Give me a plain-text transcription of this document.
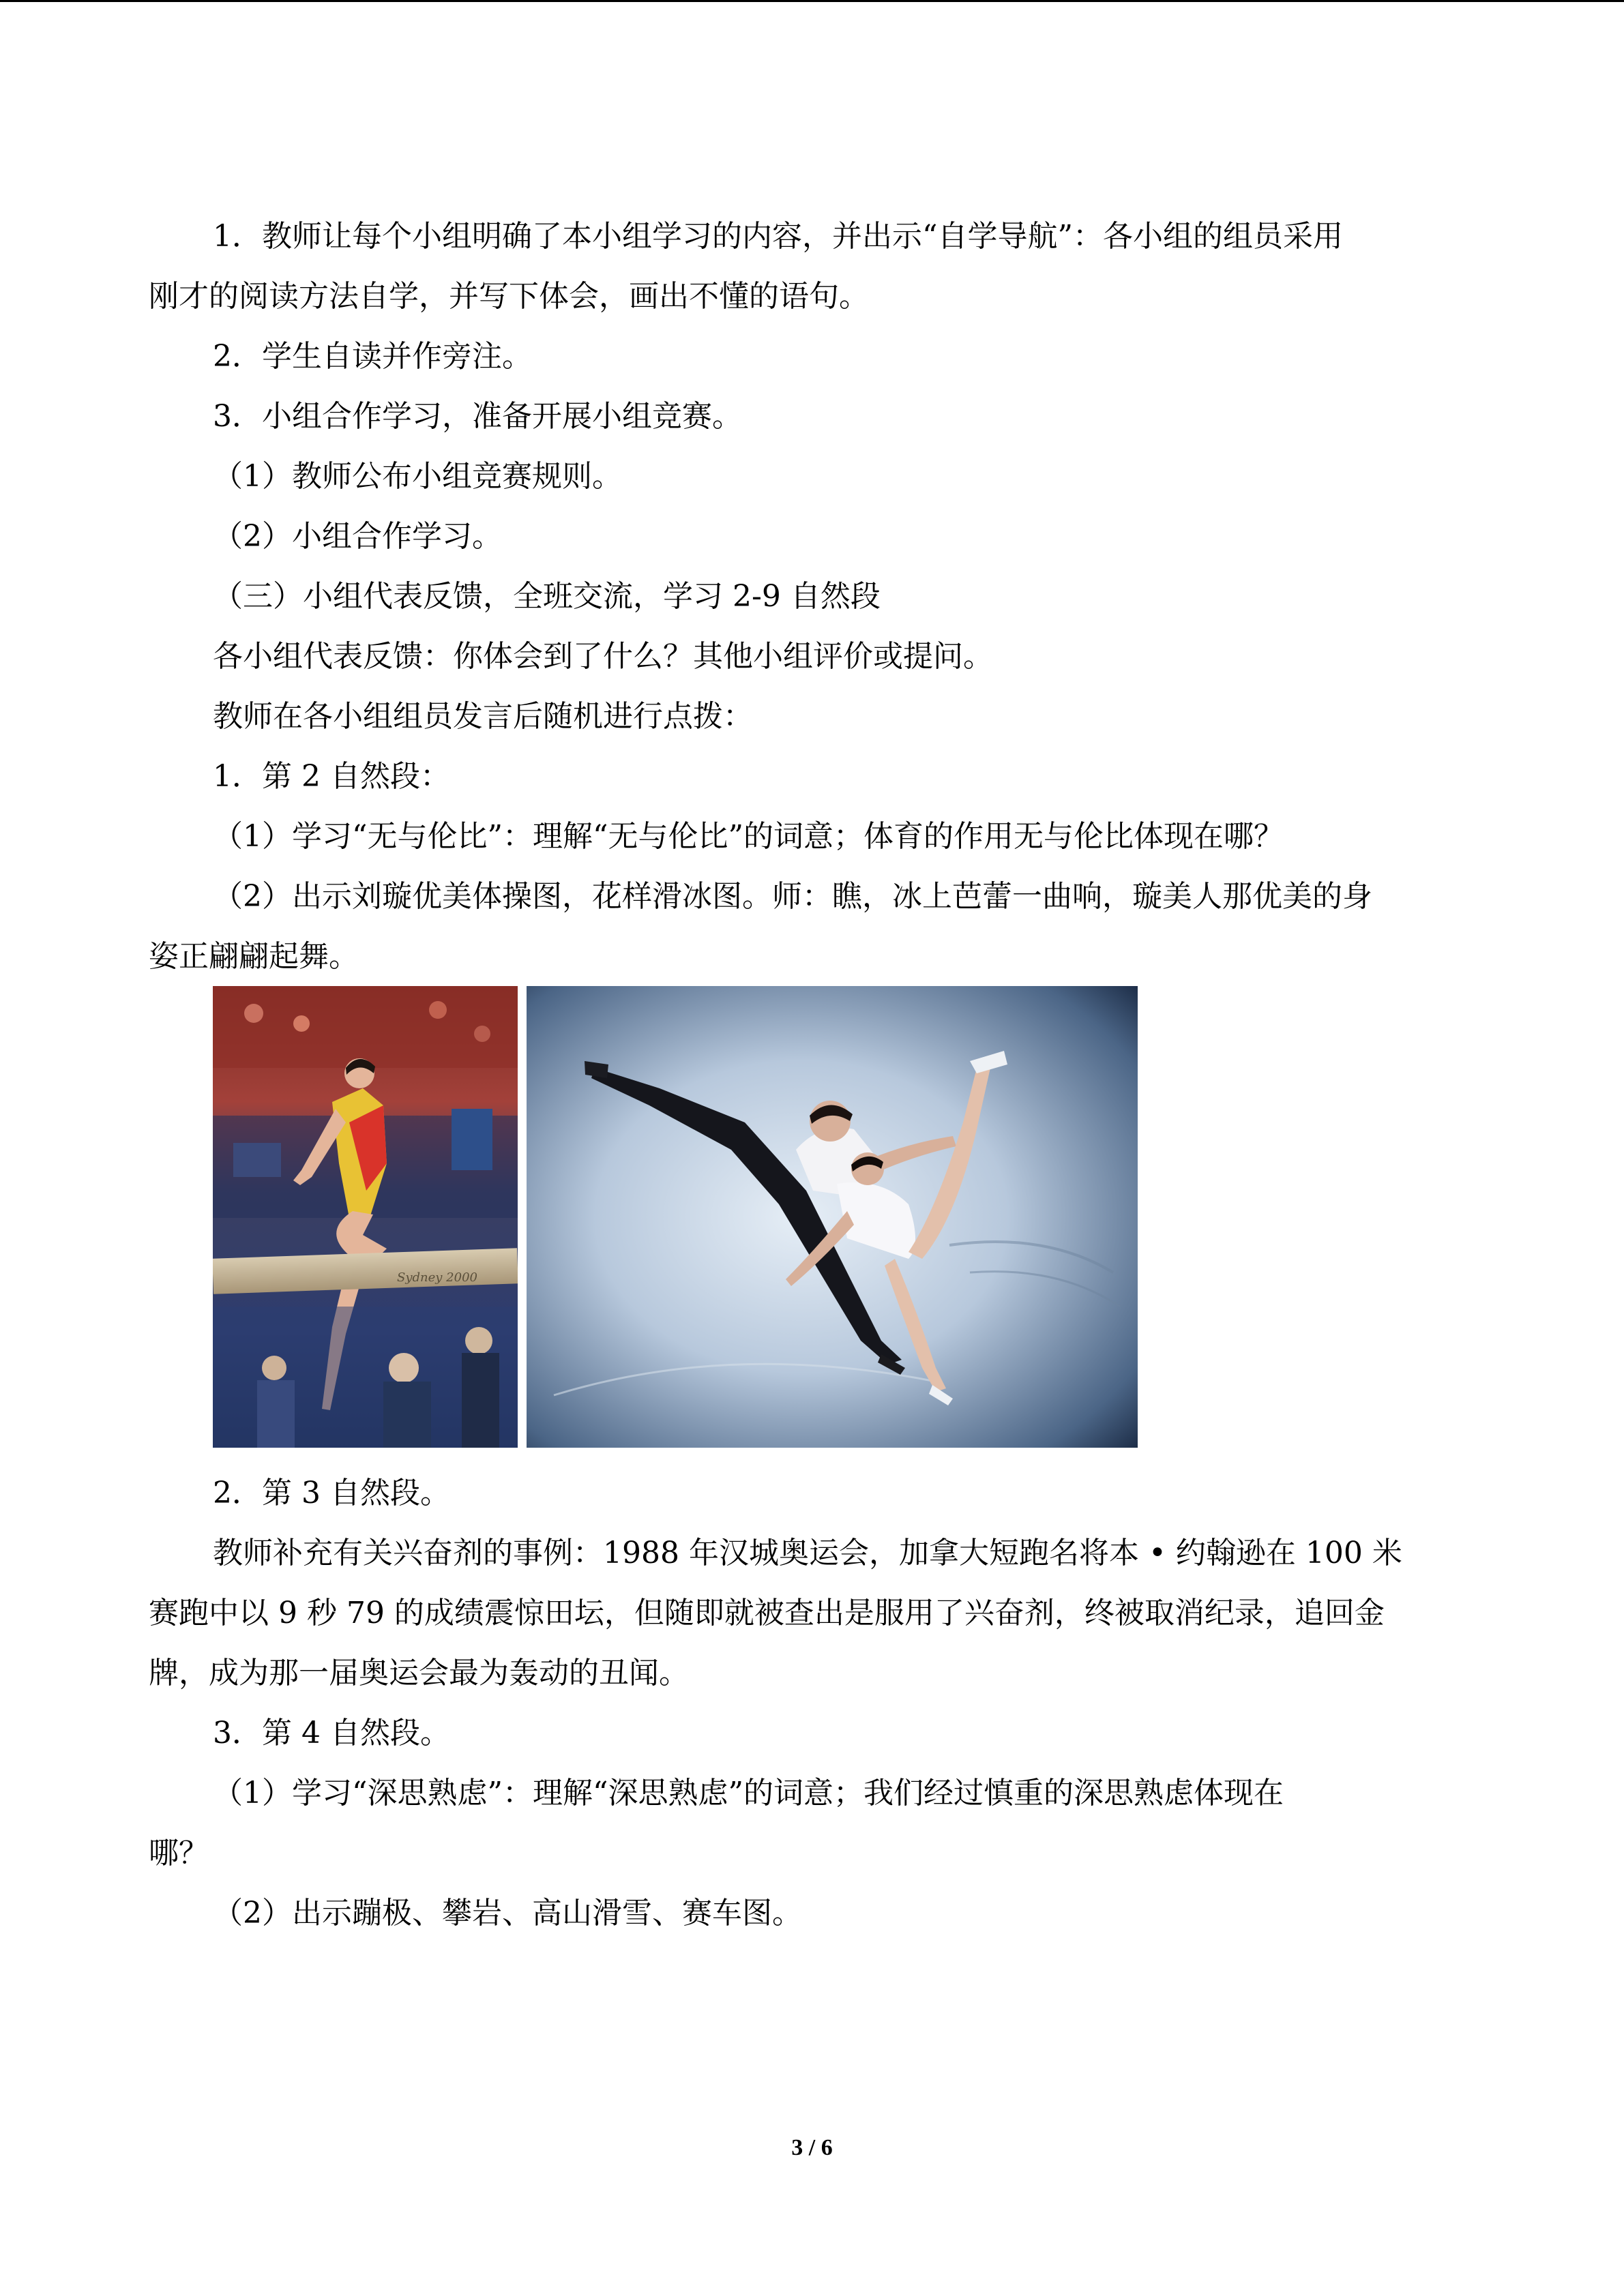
1．教师让每个小组明确了本小组学习的内容，并出示“自学导航”：各小组的组员采用
刚才的阅读方法自学，并写下体会，画出不懂的语句。
2．学生自读并作旁注。
3．小组合作学习，准备开展小组竞赛。
（1）教师公布小组竞赛规则。
（2）小组合作学习。
（三）小组代表反馈，全班交流，学习 2-9 自然段
各小组代表反馈：你体会到了什么？其他小组评价或提问。
教师在各小组组员发言后随机进行点拨：
1．第 2 自然段：
（1）学习“无与伦比”：理解“无与伦比”的词意；体育的作用无与伦比体现在哪？
（2）出示刘璇优美体操图，花样滑冰图。师：瞧，冰上芭蕾一曲响，璇美人那优美的身
姿正翩翩起舞。
Sydney 2000
2．第 3 自然段。
教师补充有关兴奋剂的事例：1988 年汉城奥运会，加拿大短跑名将本 • 约翰逊在 100 米
赛跑中以 9 秒 79 的成绩震惊田坛，但随即就被查出是服用了兴奋剂，终被取消纪录，追回金
牌，成为那一届奥运会最为轰动的丑闻。
3．第 4 自然段。
（1）学习“深思熟虑”：理解“深思熟虑”的词意；我们经过慎重的深思熟虑体现在
哪？
（2）出示蹦极、攀岩、高山滑雪、赛车图。
3 / 6
